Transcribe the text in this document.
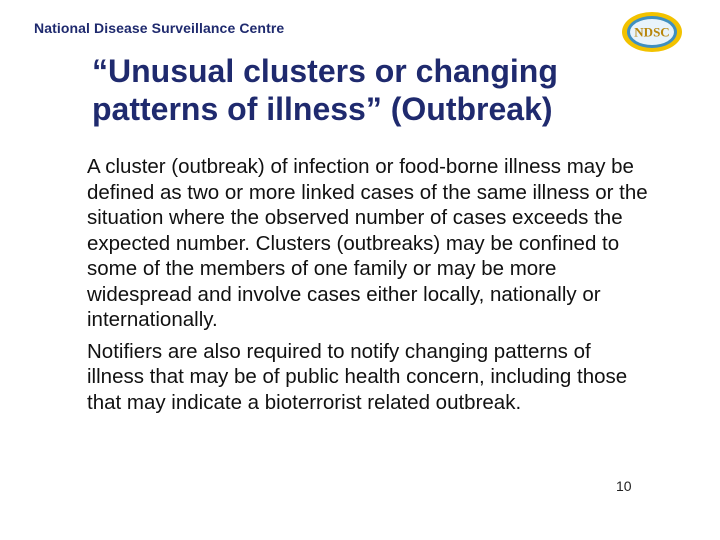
National Disease Surveillance Centre	NDSC
“Unusual clusters or changing
patterns of illness” (Outbreak)

A cluster (outbreak) of infection or food-borne illness may be defined as two or more linked cases of the same illness or the situation where the observed number of cases exceeds the expected number. Clusters (outbreaks) may be confined to some of the members of one family or may be more widespread and involve cases either locally, nationally or internationally.

Notifiers are also required to notify changing patterns of illness that may be of public health concern, including those that may indicate a bioterrorist related outbreak.

10
